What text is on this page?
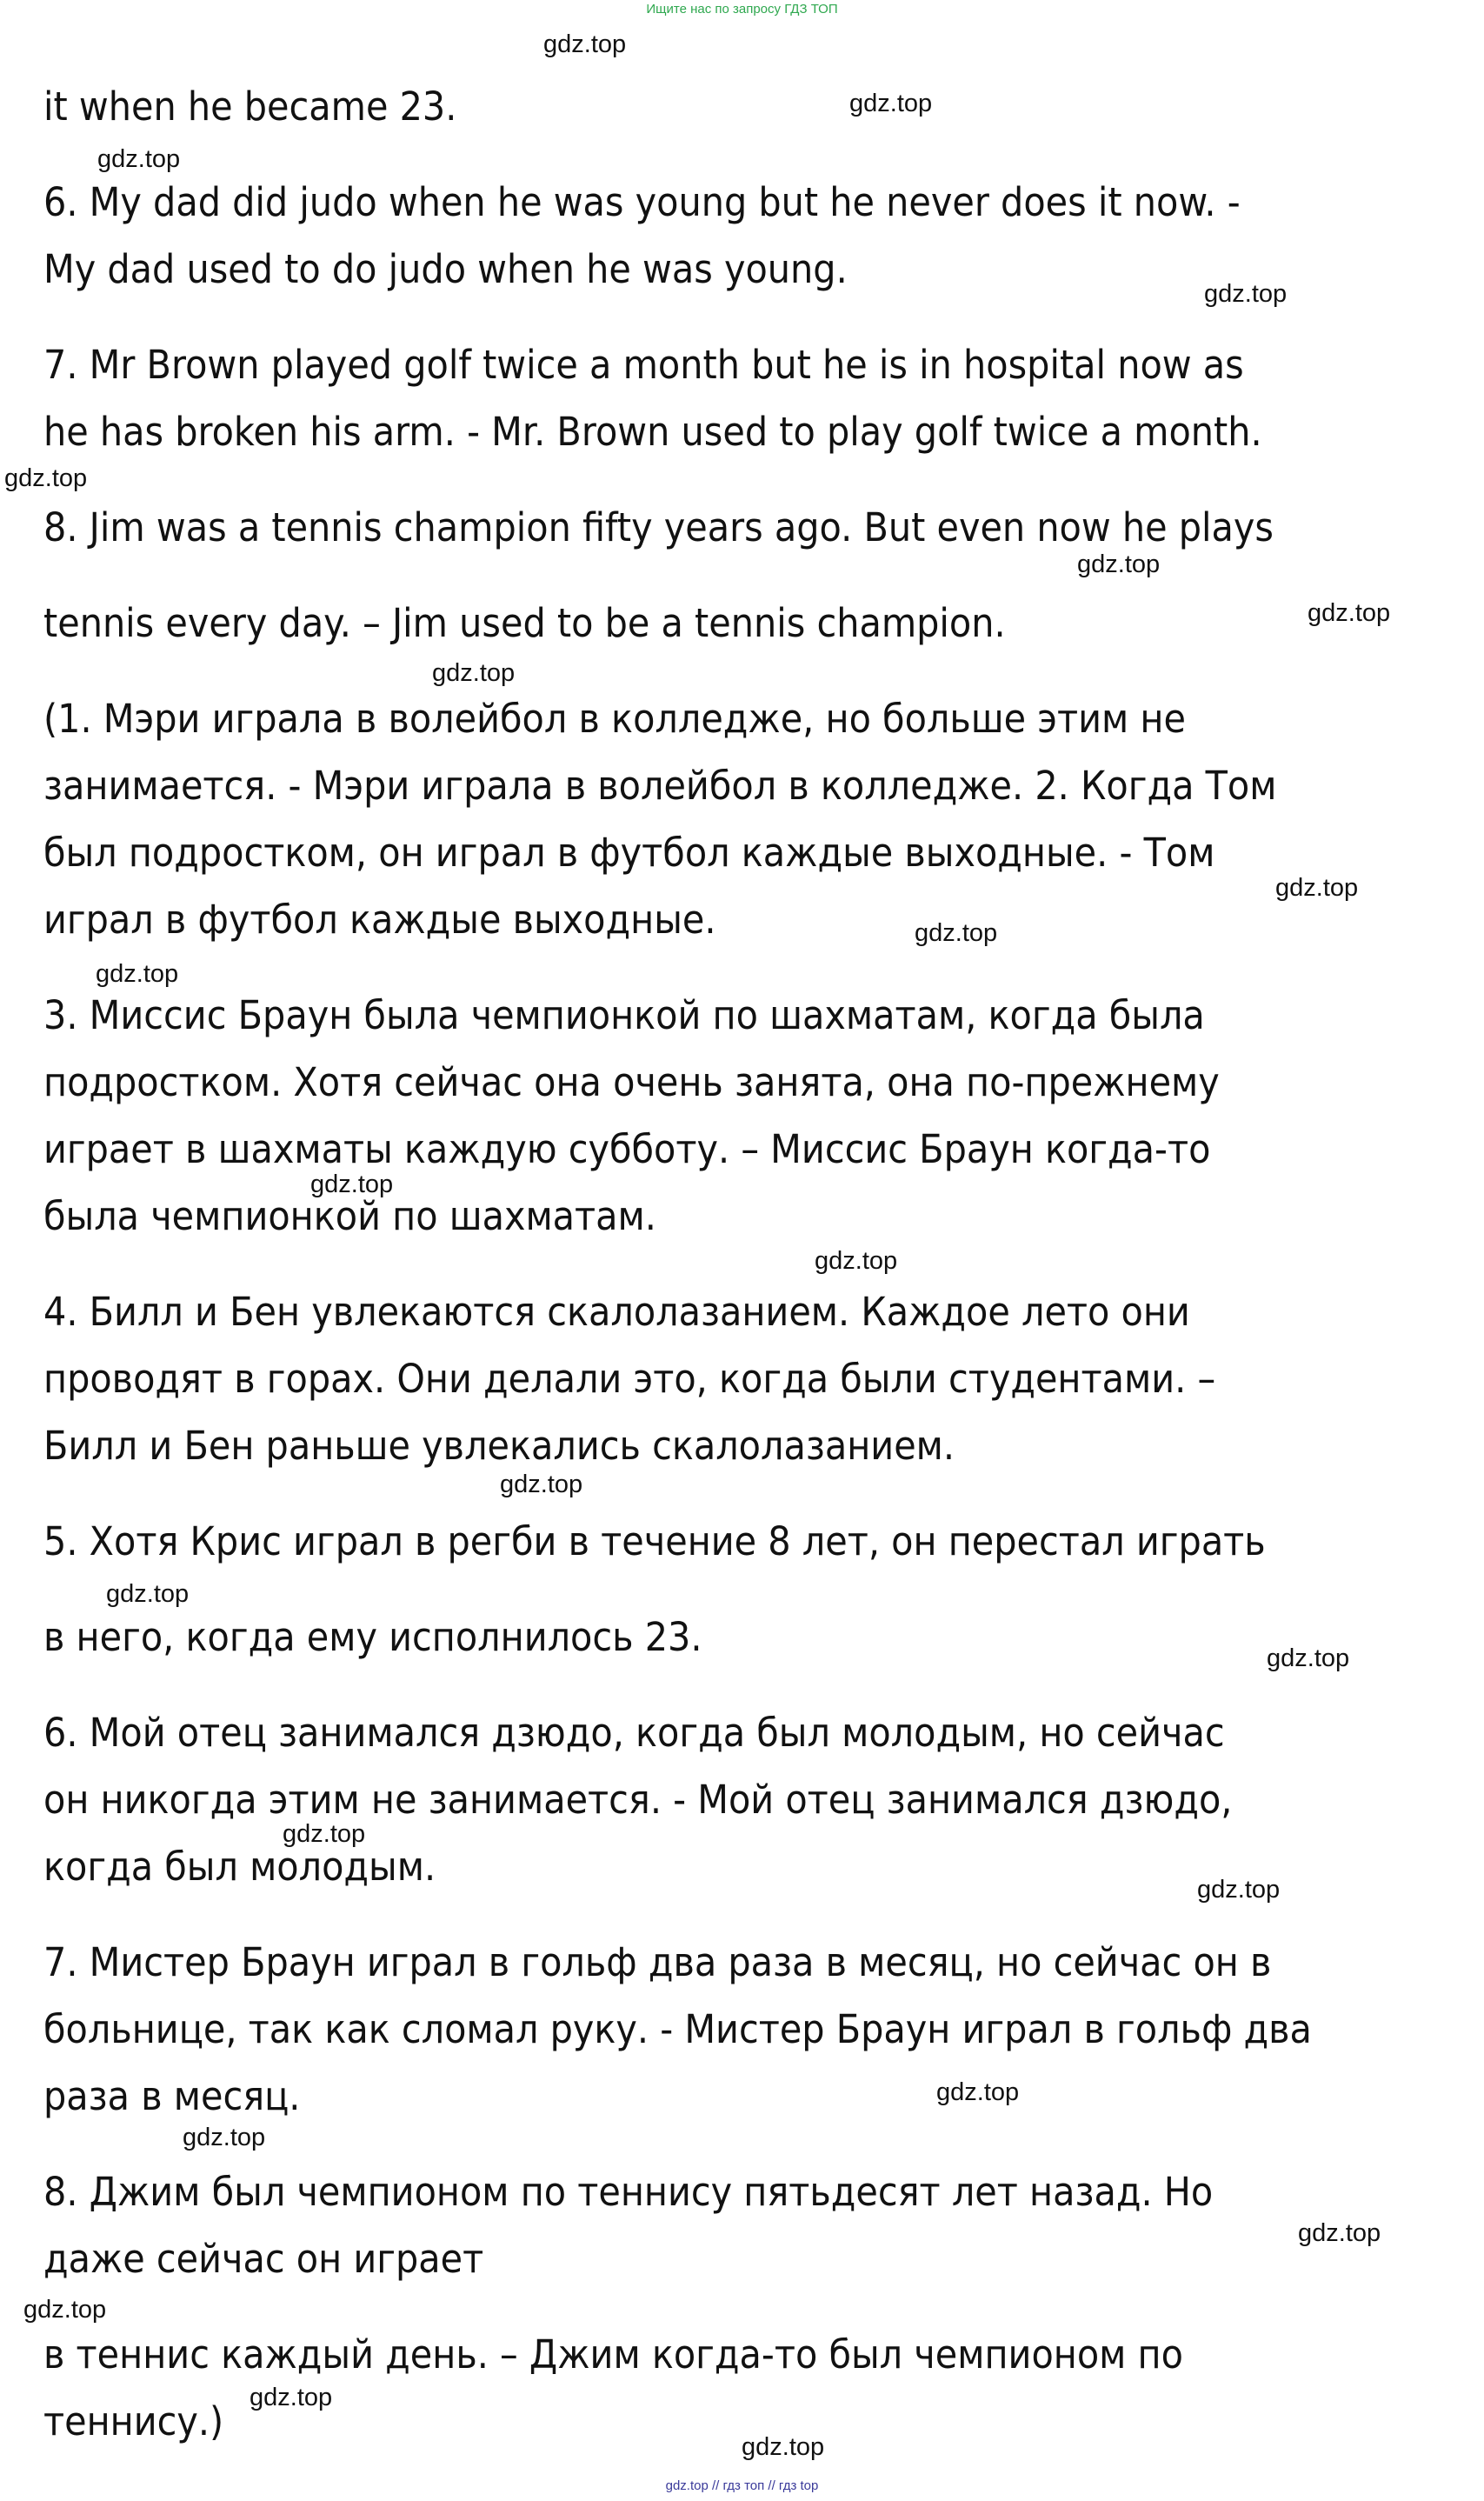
Ищите нас по запросу ГДЗ ТОП
it when he became 23.
6. My dad did judo when he was young but he never does it now. -
My dad used to do judo when he was young.
7. Mr Brown played golf twice a month but he is in hospital now as
he has broken his arm. - Mr. Brown used to play golf twice a month.
8. Jim was a tennis champion fifty years ago. But even now he plays
tennis every day. – Jim used to be a tennis champion.
(1. Мэри играла в волейбол в колледже, но больше этим не
занимается. - Мэри играла в волейбол в колледже. 2. Когда Том
был подростком, он играл в футбол каждые выходные. - Том
играл в футбол каждые выходные.
3. Миссис Браун была чемпионкой по шахматам, когда была
подростком. Хотя сейчас она очень занята, она по-прежнему
играет в шахматы каждую субботу. – Миссис Браун когда-то
была чемпионкой по шахматам.
4. Билл и Бен увлекаются скалолазанием. Каждое лето они
проводят в горах. Они делали это, когда были студентами. –
Билл и Бен раньше увлекались скалолазанием.
5. Хотя Крис играл в регби в течение 8 лет, он перестал играть
в него, когда ему исполнилось 23.
6. Мой отец занимался дзюдо, когда был молодым, но сейчас
он никогда этим не занимается. - Мой отец занимался дзюдо,
когда был молодым.
7. Мистер Браун играл в гольф два раза в месяц, но сейчас он в
больнице, так как сломал руку. - Мистер Браун играл в гольф два
раза в месяц.
8. Джим был чемпионом по теннису пятьдесят лет назад. Но
даже сейчас он играет
в теннис каждый день. – Джим когда-то был чемпионом по
теннису.)
gdz.top
gdz.top
gdz.top
gdz.top
gdz.top
gdz.top
gdz.top
gdz.top
gdz.top
gdz.top
gdz.top
gdz.top
gdz.top
gdz.top
gdz.top
gdz.top
gdz.top
gdz.top
gdz.top
gdz.top
gdz.top
gdz.top
gdz.top
gdz.top
gdz.top // гдз топ // гдз top
